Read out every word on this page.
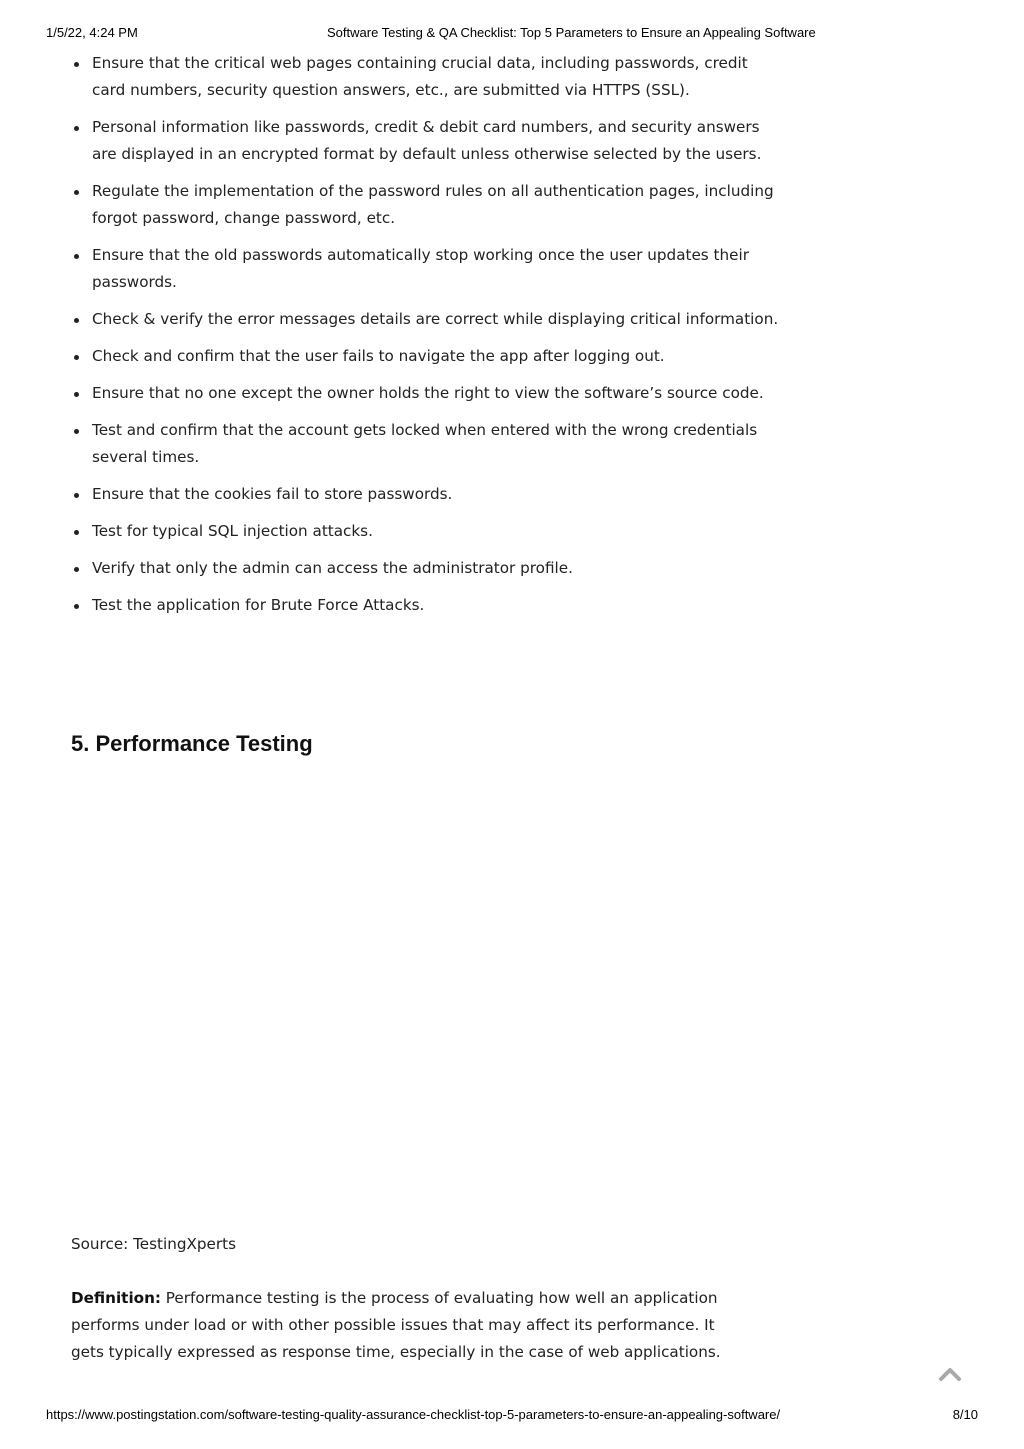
1/5/22, 4:24 PM	Software Testing & QA Checklist: Top 5 Parameters to Ensure an Appealing Software
Ensure that the critical web pages containing crucial data, including passwords, credit card numbers, security question answers, etc., are submitted via HTTPS (SSL).
Personal information like passwords, credit & debit card numbers, and security answers are displayed in an encrypted format by default unless otherwise selected by the users.
Regulate the implementation of the password rules on all authentication pages, including forgot password, change password, etc.
Ensure that the old passwords automatically stop working once the user updates their passwords.
Check & verify the error messages details are correct while displaying critical information.
Check and confirm that the user fails to navigate the app after logging out.
Ensure that no one except the owner holds the right to view the software’s source code.
Test and confirm that the account gets locked when entered with the wrong credentials several times.
Ensure that the cookies fail to store passwords.
Test for typical SQL injection attacks.
Verify that only the admin can access the administrator profile.
Test the application for Brute Force Attacks.
5. Performance Testing
Source: TestingXperts

Definition: Performance testing is the process of evaluating how well an application performs under load or with other possible issues that may affect its performance. It gets typically expressed as response time, especially in the case of web applications.

https://www.postingstation.com/software-testing-quality-assurance-checklist-top-5-parameters-to-ensure-an-appealing-software/	8/10
